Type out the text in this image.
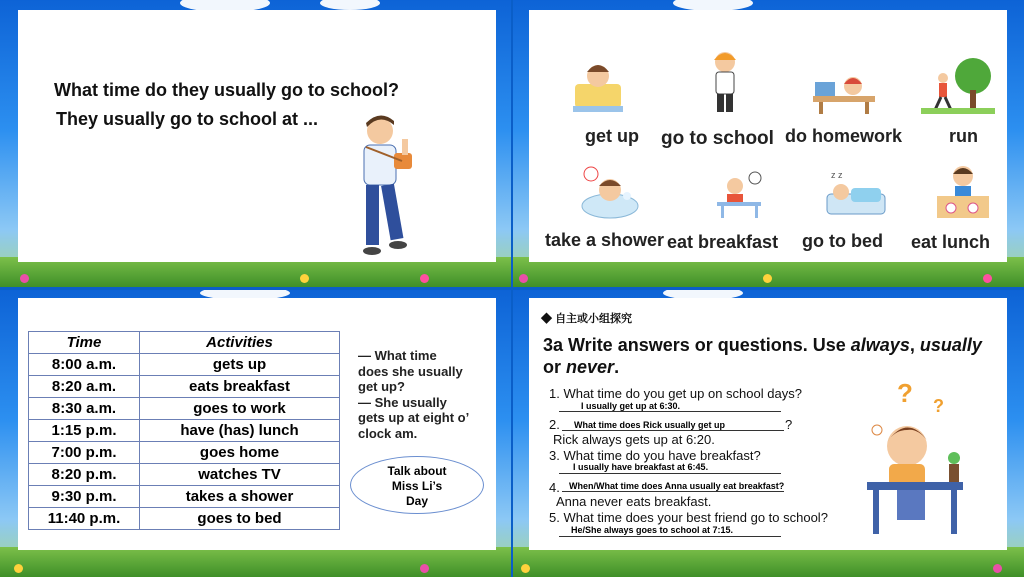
What time do they usually go to school?
They usually go to school at ...
get up go to school do homework	run
z z
take a shower eat breakfast go to bed eat lunch
Time	Activities
8:00 a.m.	gets up
8:20 a.m.	eats breakfast
8:30 a.m.	goes to work
1:15 p.m.	have (has) lunch
7:00 p.m.	goes home
8:20 p.m.	watches TV
9:30 p.m.	takes a shower
11:40 p.m.	goes to bed
— What time
does she usually
get up?
— She usually
gets up at eight o’
clock am.
Talk about
Miss Li’s
Day
◆ 自主或小组探究
3a Write answers or questions. Use always, usually
or never.
1. What time do you get up on school days?
I usually get up at 6:30.
2. What time does Rick usually get up	?
Rick always gets up at 6:20.
3. What time do you have breakfast?
I usually have breakfast at 6:45.
4. When/What time does Anna usually eat breakfast?
Anna never eats breakfast.
5. What time does your best friend go to school?
He/She always goes to school at 7:15.
? ?
